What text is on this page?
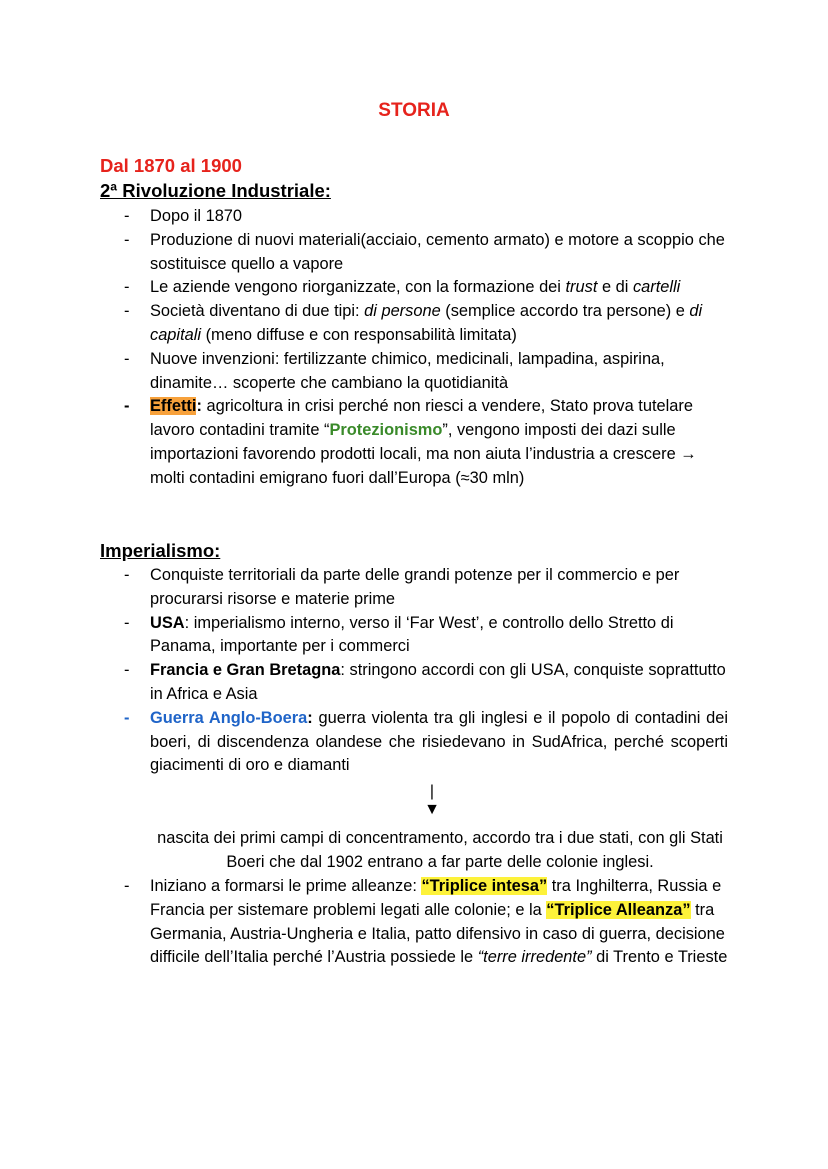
STORIA
Dal 1870 al 1900
2ª Rivoluzione Industriale:
-	Dopo il 1870
-	Produzione di nuovi materiali(acciaio, cemento armato) e motore a scoppio che sostituisce quello a vapore
-	Le aziende vengono riorganizzate, con la formazione dei trust e di cartelli
-	Società diventano di due tipi: di persone (semplice accordo tra persone) e di capitali (meno diffuse e con responsabilità limitata)
-	Nuove invenzioni: fertilizzante chimico, medicinali, lampadina, aspirina, dinamite… scoperte che cambiano la quotidianità
-	Effetti: agricoltura in crisi perché non riesci a vendere, Stato prova tutelare lavoro contadini tramite “Protezionismo”, vengono imposti dei dazi sulle importazioni favorendo prodotti locali, ma non aiuta l’industria a crescere → molti contadini emigrano fuori dall’Europa (≈30 mln)
Imperialismo:
-	Conquiste territoriali da parte delle grandi potenze per il commercio e per procurarsi risorse e materie prime
-	USA: imperialismo interno, verso il ‘Far West’, e controllo dello Stretto di Panama, importante per i commerci
-	Francia e Gran Bretagna: stringono accordi con gli USA, conquiste soprattutto in Africa e Asia
-	Guerra Anglo-Boera: guerra violenta tra gli inglesi e il popolo di contadini dei boeri, di discendenza olandese che risiedevano in SudAfrica, perché scoperti giacimenti di oro e diamanti
|
▼
nascita dei primi campi di concentramento, accordo tra i due stati, con gli Stati Boeri che dal 1902 entrano a far parte delle colonie inglesi.
-	Iniziano a formarsi le prime alleanze: “Triplice intesa” tra Inghilterra, Russia e Francia per sistemare problemi legati alle colonie; e la “Triplice Alleanza” tra Germania, Austria-Ungheria e Italia, patto difensivo in caso di guerra, decisione difficile dell’Italia perché l’Austria possiede le “terre irredente” di Trento e Trieste
